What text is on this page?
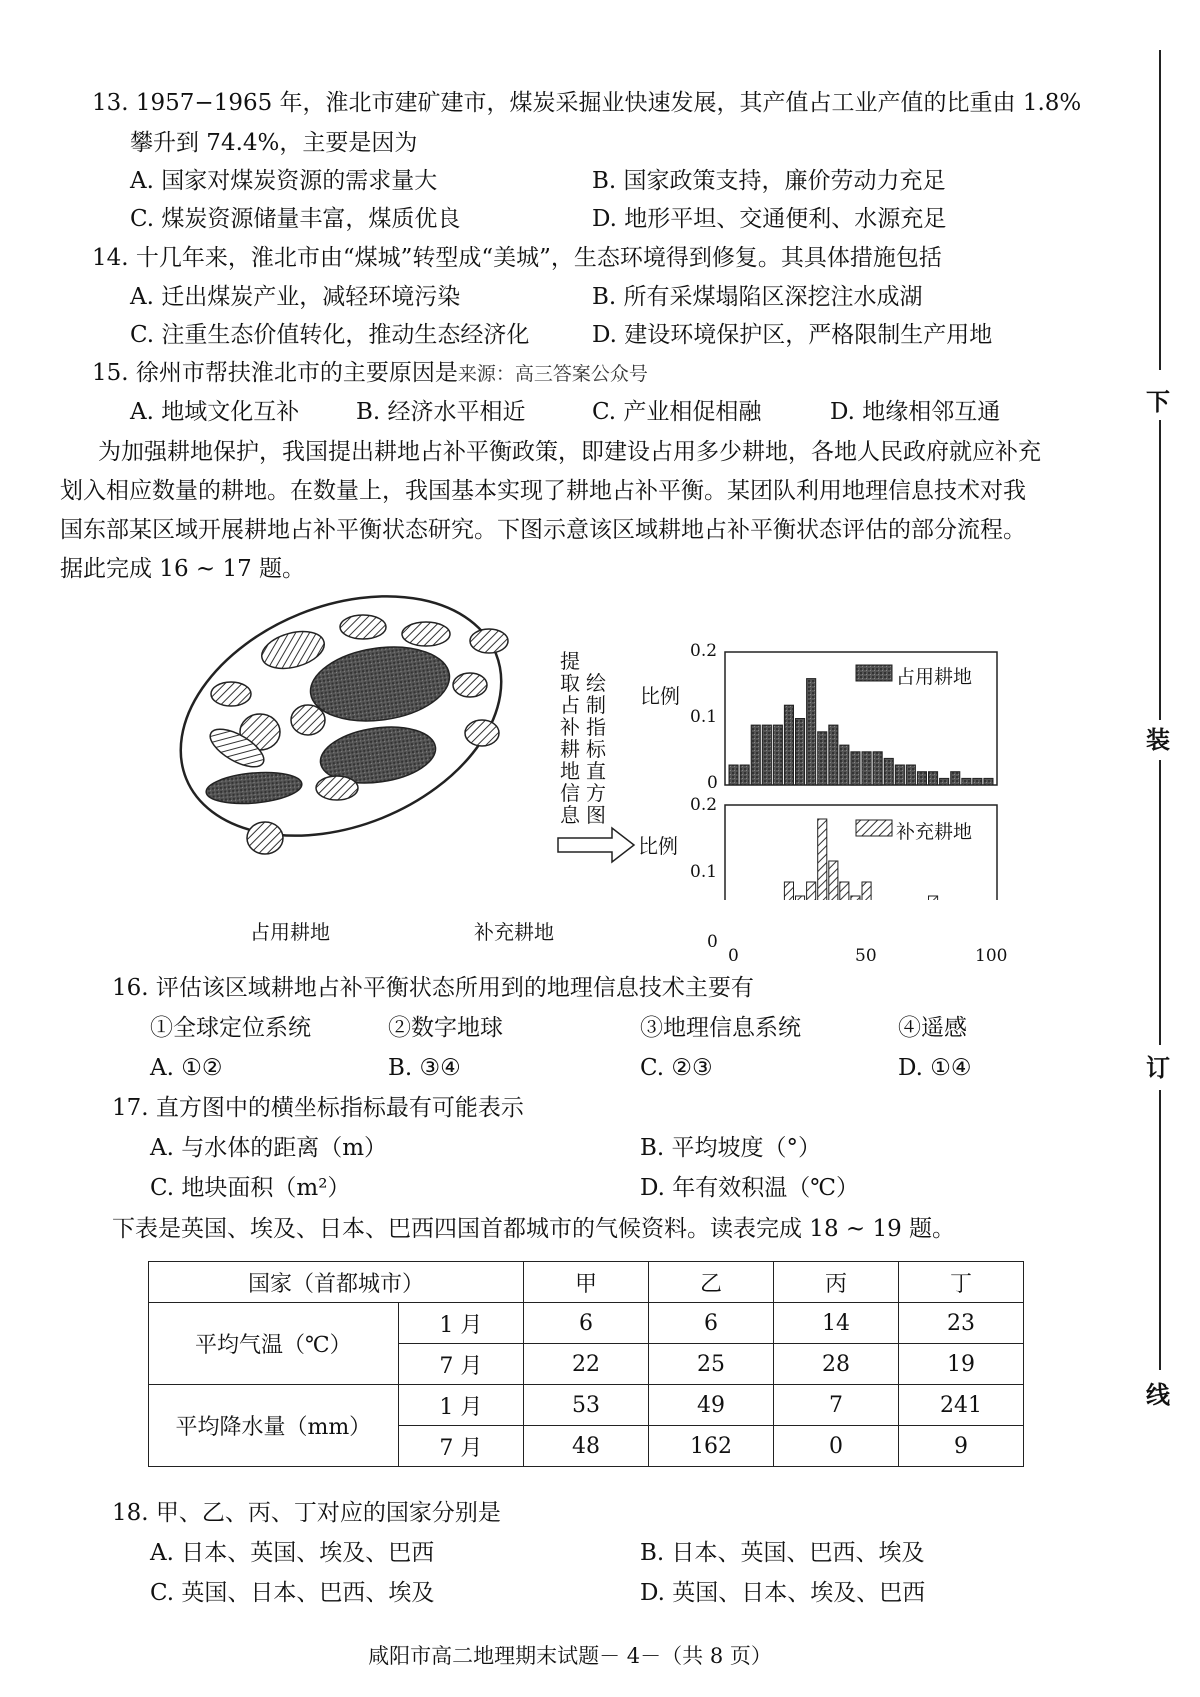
13. 1957−1965 年，淮北市建矿建市，煤炭采掘业快速发展，其产值占工业产值的比重由 1.8%
攀升到 74.4%，主要是因为
A. 国家对煤炭资源的需求量大	B. 国家政策支持，廉价劳动力充足
C. 煤炭资源储量丰富，煤质优良	D. 地形平坦、交通便利、水源充足
14. 十几年来，淮北市由“煤城”转型成“美城”，生态环境得到修复。其具体措施包括
A. 迁出煤炭产业，减轻环境污染	B. 所有采煤塌陷区深挖注水成湖
C. 注重生态价值转化，推动生态经济化	D. 建设环境保护区，严格限制生产用地
15. 徐州市帮扶淮北市的主要原因是来源：高三答案公众号
A. 地域文化互补 B. 经济水平相近	C. 产业相促相融	D. 地缘相邻互通
为加强耕地保护，我国提出耕地占补平衡政策，即建设占用多少耕地，各地人民政府就应补充
划入相应数量的耕地。在数量上，我国基本实现了耕地占补平衡。某团队利用地理信息技术对我
国东部某区域开展耕地占补平衡状态研究。下图示意该区域耕地占补平衡状态评估的部分流程。
据此完成 16 ~ 17 题。
占用耕地	补充耕地
提取占补耕地信息
绘制指标直方图
比例
比例
占用耕地
补充耕地
0.2
0.1
0
0.2
0.1
0
0	50	100
16. 评估该区域耕地占补平衡状态所用到的地理信息技术主要有
①全球定位系统	②数字地球	③地理信息系统	④遥感
A. ①②	B. ③④	C. ②③	D. ①④
17. 直方图中的横坐标指标最有可能表示
A. 与水体的距离（m）	B. 平均坡度（°）
C. 地块面积（m²）	D. 年有效积温（℃）
下表是英国、埃及、日本、巴西四国首都城市的气候资料。读表完成 18 ~ 19 题。
国家（首都城市）		甲	乙	丙	丁
平均气温（℃）	1 月	6	6	14	23
	7 月	22	25	28	19
平均降水量（mm）	1 月	53	49	7	241
	7 月	48	162	0	9
18. 甲、乙、丙、丁对应的国家分别是
A. 日本、英国、埃及、巴西	B. 日本、英国、巴西、埃及
C. 英国、日本、巴西、埃及	D. 英国、日本、埃及、巴西
咸阳市高二地理期末试题－ 4－（共 8 页）
下
装
订
线
